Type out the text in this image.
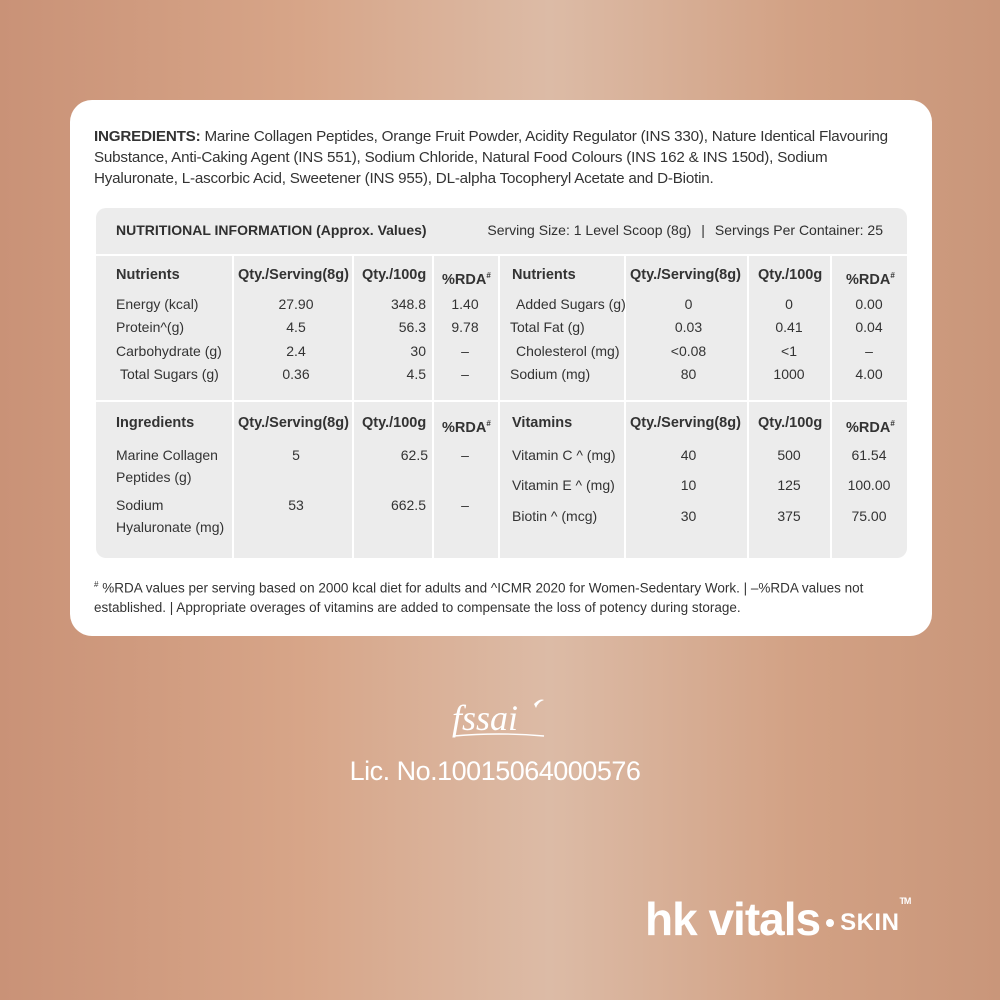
INGREDIENTS: Marine Collagen Peptides, Orange Fruit Powder, Acidity Regulator (INS 330), Nature Identical Flavouring Substance, Anti-Caking Agent (INS 551), Sodium Chloride, Natural Food Colours (INS 162 & INS 150d), Sodium Hyaluronate, L-ascorbic Acid, Sweetener (INS 955), DL-alpha Tocopheryl Acetate and D-Biotin.
NUTRITIONAL INFORMATION (Approx. Values)	Serving Size: 1 Level Scoop (8g) | Servings Per Container: 25
Nutrients	Qty./Serving(8g) Qty./100g %RDA# Nutrients	Qty./Serving(8g) Qty./100g %RDA#
Energy (kcal)	27.90	348.8	1.40
Protein^(g)	4.5	56.3	9.78
Carbohydrate (g)	2.4	30	–
Total Sugars (g)	0.36	4.5	–
Added Sugars (g)	0	0	0.00
Total Fat (g)	0.03	0.41	0.04
Cholesterol (mg)	<0.08	<1	–
Sodium (mg)	80	1000	4.00
Ingredients	Qty./Serving(8g) Qty./100g %RDA# Vitamins	Qty./Serving(8g) Qty./100g %RDA#
Marine Collagen
Peptides (g)
5	62.5	–
Sodium
Hyaluronate (mg)
53	662.5	–
Vitamin C ^ (mg)	40	500	61.54
Vitamin E ^ (mg)	10	125	100.00
Biotin ^ (mcg)	30	375	75.00
# %RDA values per serving based on 2000 kcal diet for adults and ^ICMR 2020 for Women-Sedentary Work. | –%RDA values not
established. | Appropriate overages of vitamins are added to compensate the loss of potency during storage.
fssai
Lic. No.10015064000576
hk vitals SKIN™
